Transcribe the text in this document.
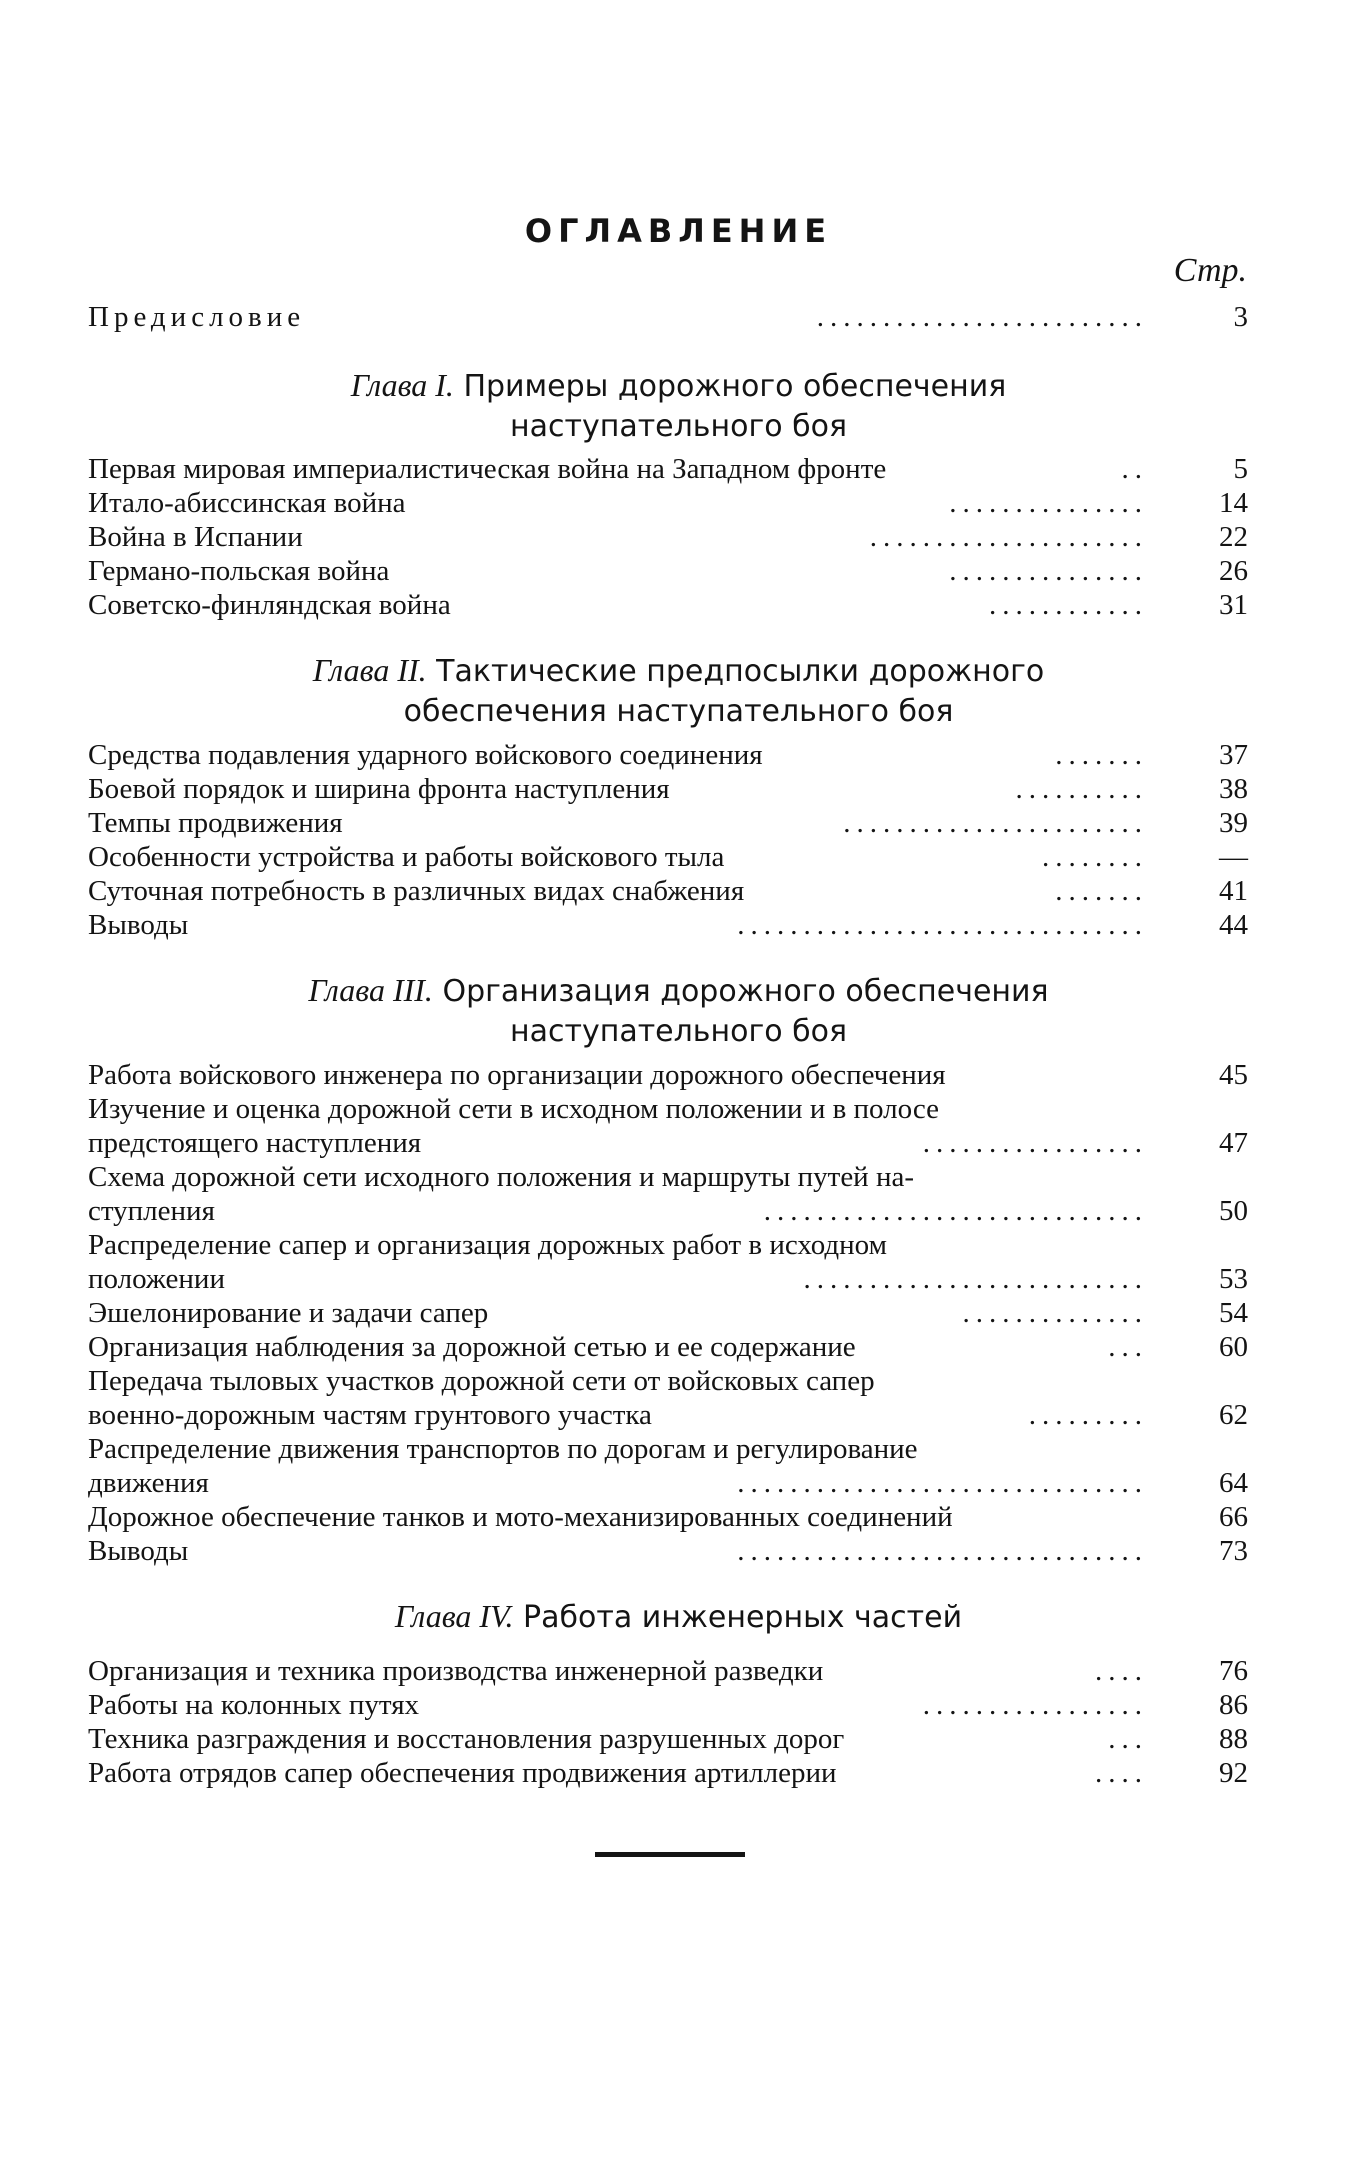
ОГЛАВЛЕНИЕ
Стр.
Предисловие	.........................	3
Глава I. Примеры дорожного обеспечения
наступательного боя
Первая мировая империалистическая война на Западном фронте	..	5
Итало-абиссинская война	...............	14
Война в Испании	.....................	22
Германо-польская война	...............	26
Советско-финляндская война	............	31
Глава II. Тактические предпосылки дорожного
обеспечения наступательного боя
Средства подавления ударного войскового соединения	.......	37
Боевой порядок и ширина фронта наступления	..........	38
Темпы продвижения	.......................	39
Особенности устройства и работы войскового тыла	........	—
Суточная потребность в различных видах снабжения	.......	41
Выводы	...............................	44
Глава III. Организация дорожного обеспечения
наступательного боя
Работа войскового инженера по организации дорожного обеспечения	45
Изучение и оценка дорожной сети в исходном положении и в полосе
предстоящего наступления	.................	47
Схема дорожной сети исходного положения и маршруты путей на-
ступления	.............................	50
Распределение сапер и организация дорожных работ в исходном
положении	..........................	53
Эшелонирование и задачи сапер	..............	54
Организация наблюдения за дорожной сетью и ее содержание	...	60
Передача тыловых участков дорожной сети от войсковых сапер
военно-дорожным частям грунтового участка	.........	62
Распределение движения транспортов по дорогам и регулирование
движения	...............................	64
Дорожное обеспечение танков и мото-механизированных соединений	66
Выводы	...............................	73
Глава IV. Работа инженерных частей
Организация и техника производства инженерной разведки	....	76
Работы на колонных путях	.................	86
Техника разграждения и восстановления разрушенных дорог	...	88
Работа отрядов сапер обеспечения продвижения артиллерии	....	92
